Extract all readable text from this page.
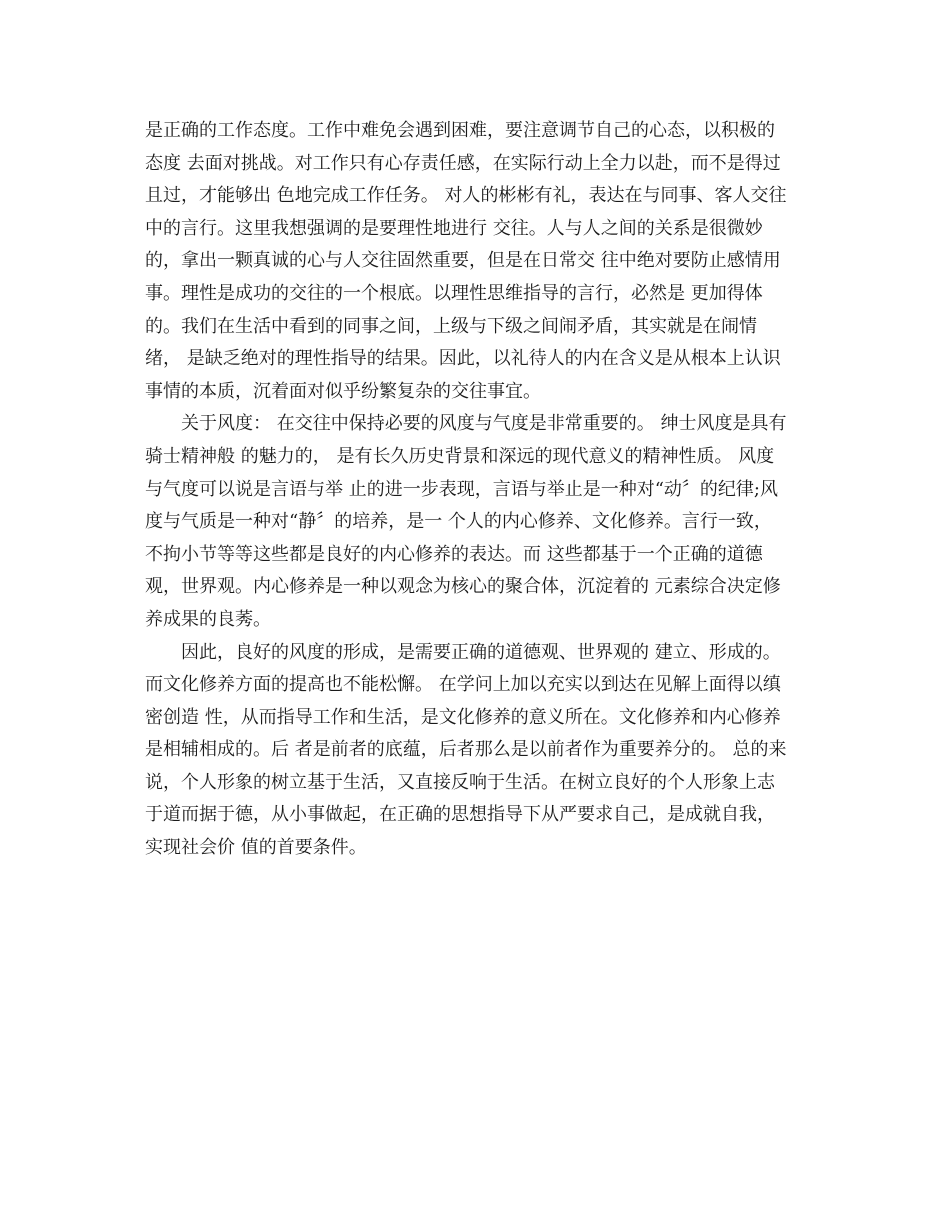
是正确的工作态度。工作中难免会遇到困难，要注意调节自己的心态，以积极的
态度 去面对挑战。对工作只有心存责任感，在实际行动上全力以赴，而不是得过
且过，才能够出 色地完成工作任务。 对人的彬彬有礼，表达在与同事、客人交往
中的言行。这里我想强调的是要理性地进行 交往。人与人之间的关系是很微妙
的，拿出一颗真诚的心与人交往固然重要，但是在日常交 往中绝对要防止感情用
事。理性是成功的交往的一个根底。以理性思维指导的言行，必然是 更加得体
的。我们在生活中看到的同事之间，上级与下级之间闹矛盾，其实就是在闹情
绪， 是缺乏绝对的理性指导的结果。因此，以礼待人的内在含义是从根本上认识
事情的本质，沉着面对似乎纷繁复杂的交往事宜。
　　关于风度： 在交往中保持必要的风度与气度是非常重要的。 绅士风度是具有
骑士精神般 的魅力的， 是有长久历史背景和深远的现代意义的精神性质。 风度
与气度可以说是言语与举 止的进一步表现，言语与举止是一种对“动〞的纪律;风
度与气质是一种对“静〞的培养，是一 个人的内心修养、文化修养。言行一致，
不拘小节等等这些都是良好的内心修养的表达。而 这些都基于一个正确的道德
观，世界观。内心修养是一种以观念为核心的聚合体，沉淀着的 元素综合决定修
养成果的良莠。
　　因此，良好的风度的形成，是需要正确的道德观、世界观的 建立、形成的。
而文化修养方面的提高也不能松懈。 在学问上加以充实以到达在见解上面得以缜
密创造 性，从而指导工作和生活，是文化修养的意义所在。文化修养和内心修养
是相辅相成的。后 者是前者的底蕴，后者那么是以前者作为重要养分的。 总的来
说，个人形象的树立基于生活，又直接反响于生活。在树立良好的个人形象上志
于道而据于德，从小事做起，在正确的思想指导下从严要求自己，是成就自我，
实现社会价 值的首要条件。
